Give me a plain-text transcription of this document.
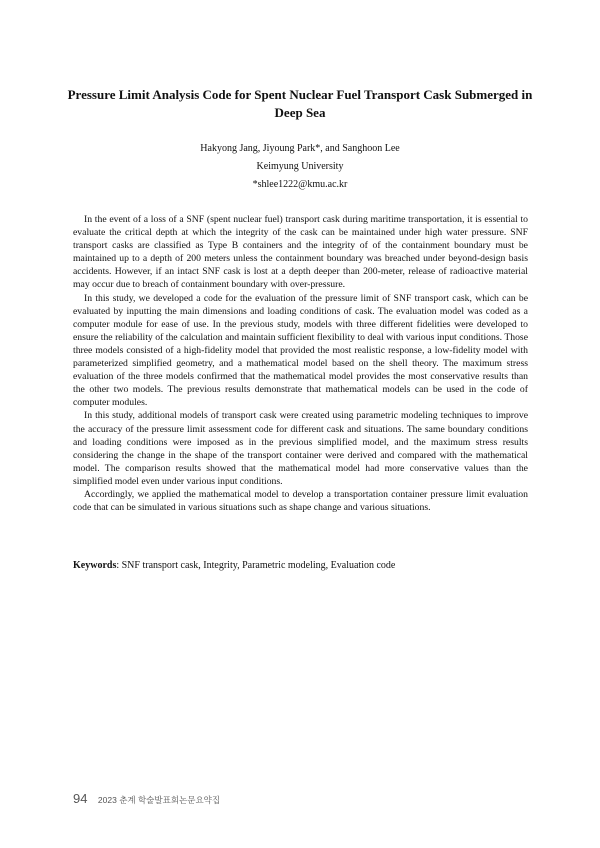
Pressure Limit Analysis Code for Spent Nuclear Fuel Transport Cask Submerged in Deep Sea
Hakyong Jang, Jiyoung Park*, and Sanghoon Lee
Keimyung University
*shlee1222@kmu.ac.kr

In the event of a loss of a SNF (spent nuclear fuel) transport cask during maritime transportation, it is essential to evaluate the critical depth at which the integrity of the cask can be maintained under high water pressure. SNF transport casks are classified as Type B containers and the integrity of of the containment boundary must be maintained up to a depth of 200 meters unless the containment boundary was breached under beyond-design basis accidents. However, if an intact SNF cask is lost at a depth deeper than 200-meter, release of radioactive material may occur due to breach of containment boundary with over-pressure.

In this study, we developed a code for the evaluation of the pressure limit of SNF transport cask, which can be evaluated by inputting the main dimensions and loading conditions of cask. The evaluation model was coded as a computer module for ease of use. In the previous study, models with three different fidelities were developed to ensure the reliability of the calculation and maintain sufficient flexibility to deal with various input conditions. Those three models consisted of a high-fidelity model that provided the most realistic response, a low-fidelity model with parameterized simplified geometry, and a mathematical model based on the shell theory. The maximum stress evaluation of the three models confirmed that the mathematical model provides the most conservative results than the other two models. The previous results demonstrate that mathematical models can be used in the code of computer modules.

In this study, additional models of transport cask were created using parametric modeling techniques to improve the accuracy of the pressure limit assessment code for different cask and situations. The same boundary conditions and loading conditions were imposed as in the previous simplified model, and the maximum stress results considering the change in the shape of the transport container were derived and compared with the mathematical model. The comparison results showed that the mathematical model had more conservative values than the simplified model even under various input conditions.

Accordingly, we applied the mathematical model to develop a transportation container pressure limit evaluation code that can be simulated in various situations such as shape change and various situations.

Keywords: SNF transport cask, Integrity, Parametric modeling, Evaluation code
94 2023 춘계 학술발표회논문요약집
